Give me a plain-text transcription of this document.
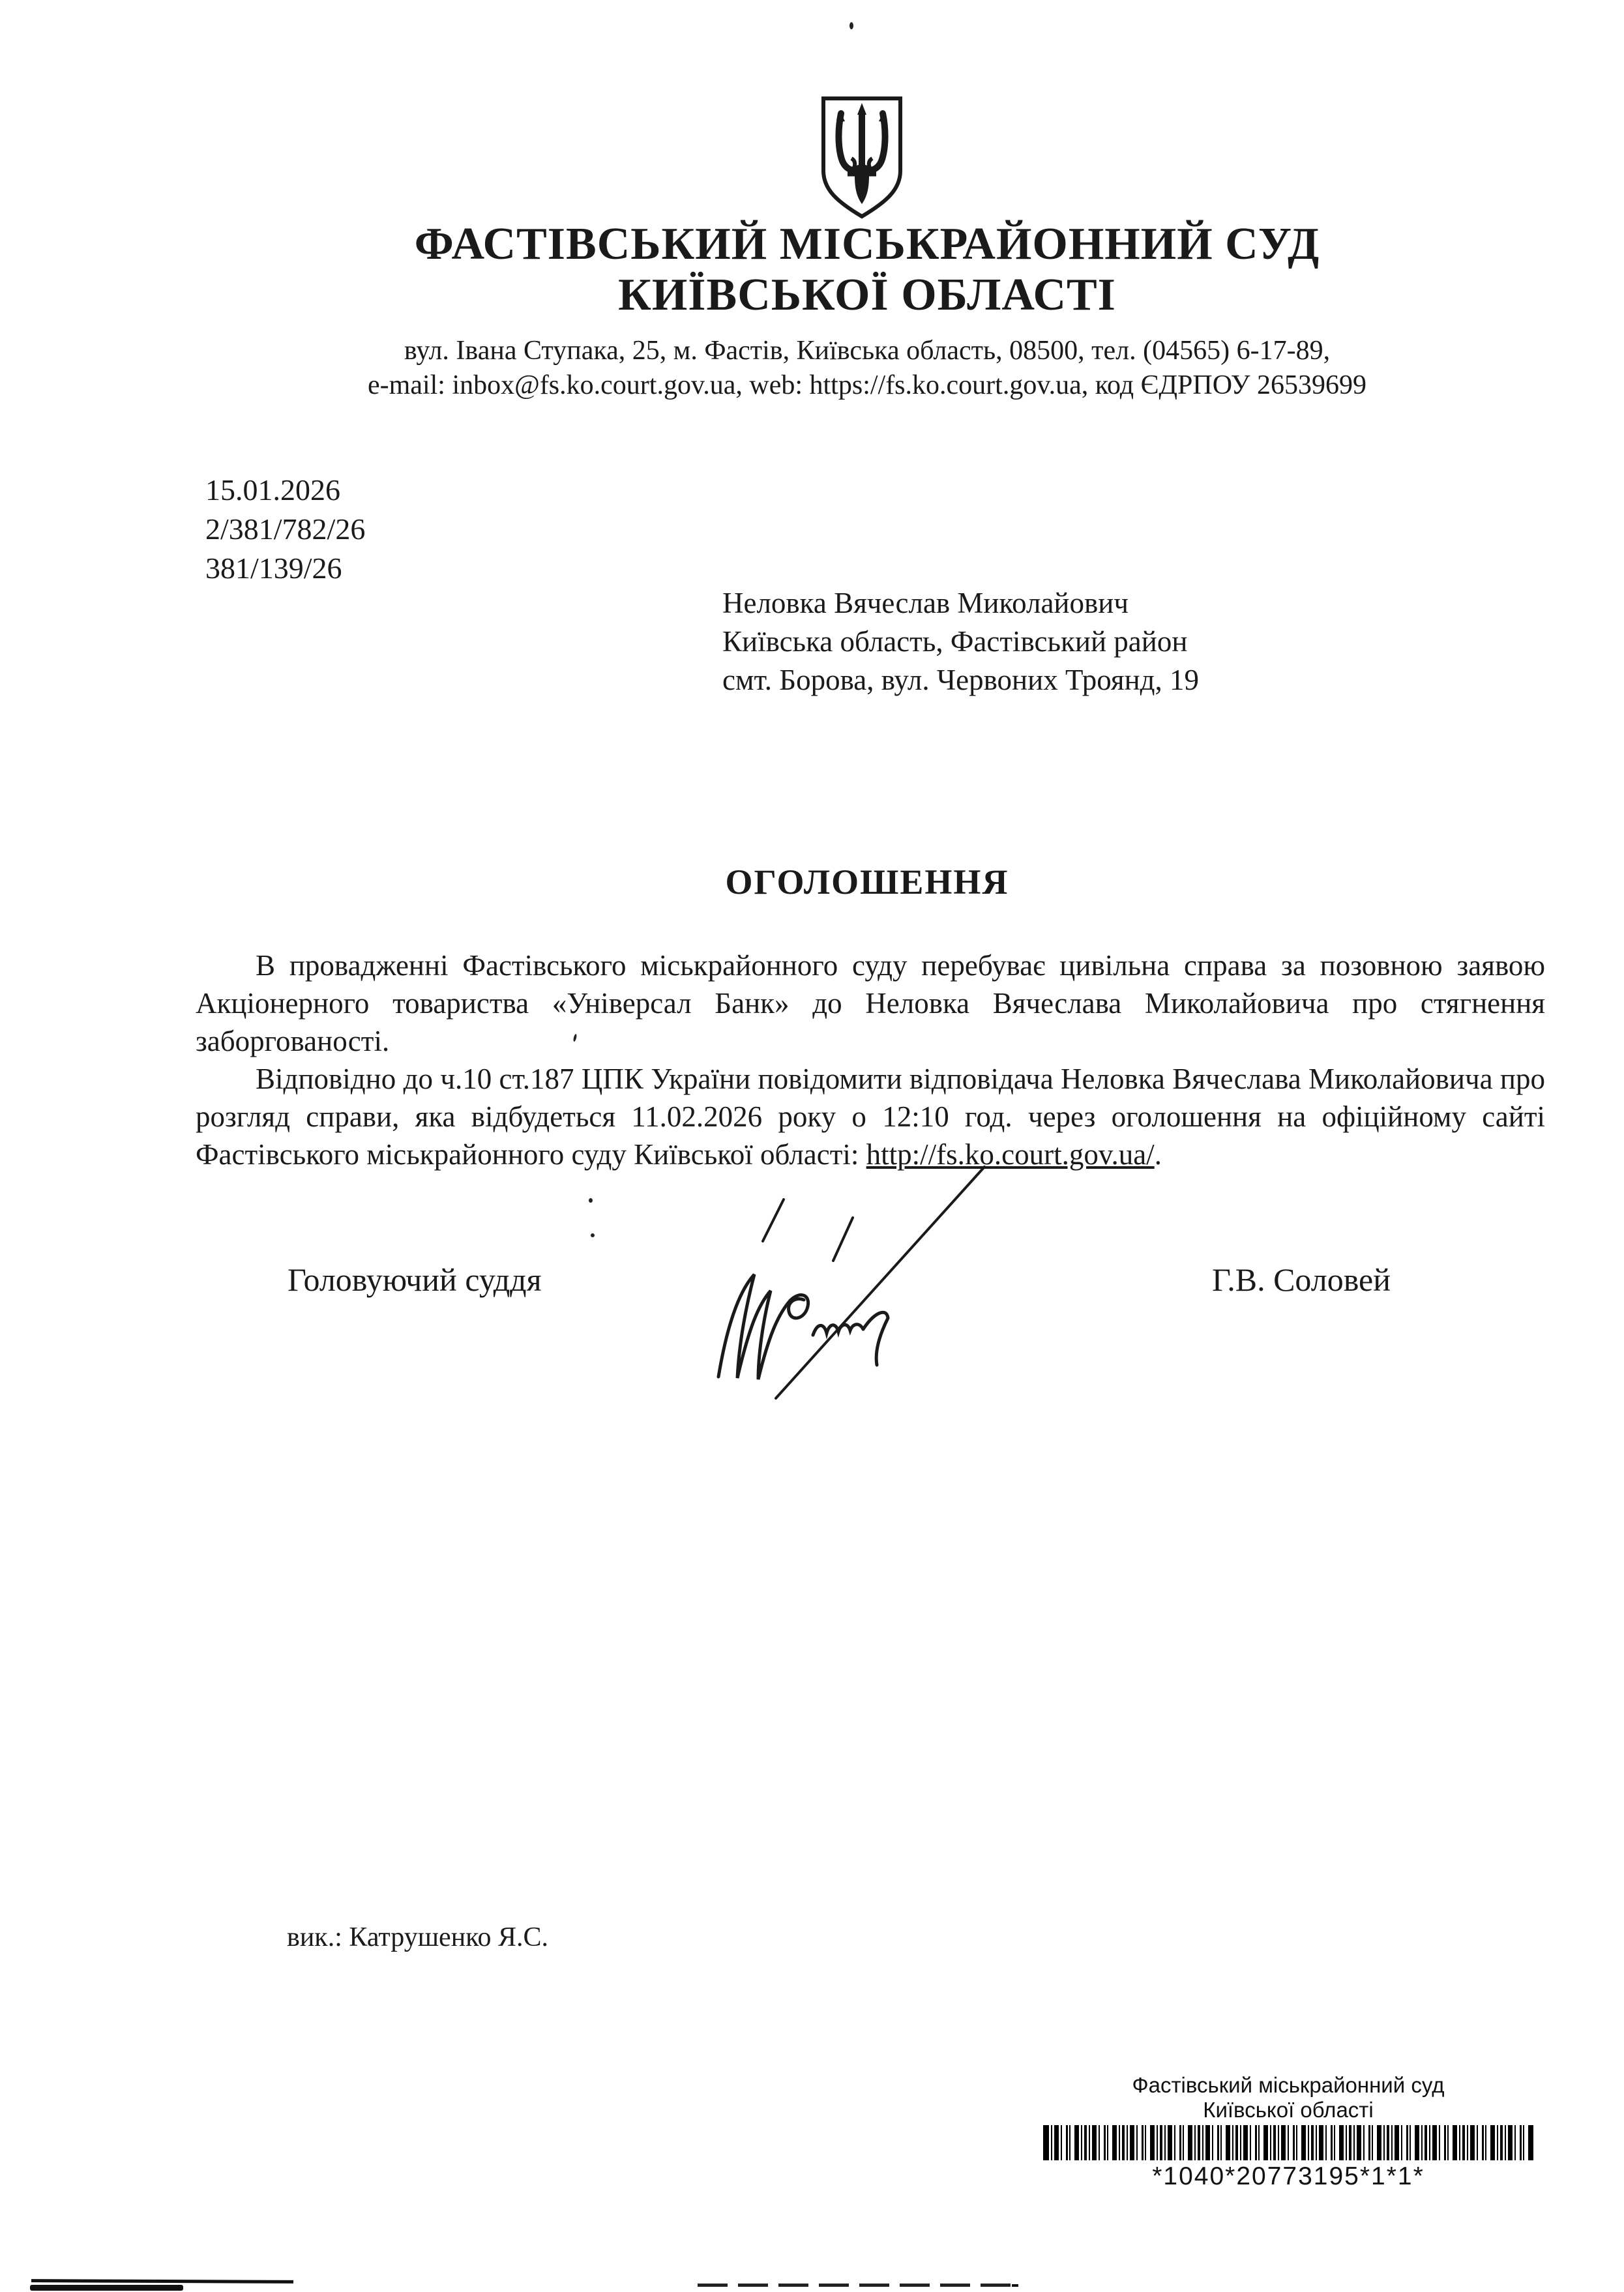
ФАСТІВСЬКИЙ МІСЬКРАЙОННИЙ СУД
КИЇВСЬКОЇ ОБЛАСТІ
вул. Івана Ступака, 25, м. Фастів, Київська область, 08500, тел. (04565) 6-17-89,
e-mail: inbox@fs.ko.court.gov.ua, web: https://fs.ko.court.gov.ua, код ЄДРПОУ 26539699
15.01.2026
2/381/782/26
381/139/26
Неловка Вячеслав Миколайович
Київська область, Фастівський район
смт. Борова, вул. Червоних Троянд, 19
ОГОЛОШЕННЯ

В провадженні Фастівського міськрайонного суду перебуває цивільна справа за позовною заявою Акціонерного товариства «Універсал Банк» до Неловка Вячеслава Миколайовича про стягнення заборгованості.

Відповідно до ч.10 ст.187 ЦПК України повідомити відповідача Неловка Вячеслава Миколайовича про розгляд справи, яка відбудеться 11.02.2026 року о 12:10 год. через оголошення на офіційному сайті Фастівського міськрайонного суду Київської області: http://fs.ko.court.gov.ua/.

Головуючий суддя	Г.В. Соловей
вик.: Катрушенко Я.С.
Фастівський міськрайонний суд
Київської області
*1040*20773195*1*1*
